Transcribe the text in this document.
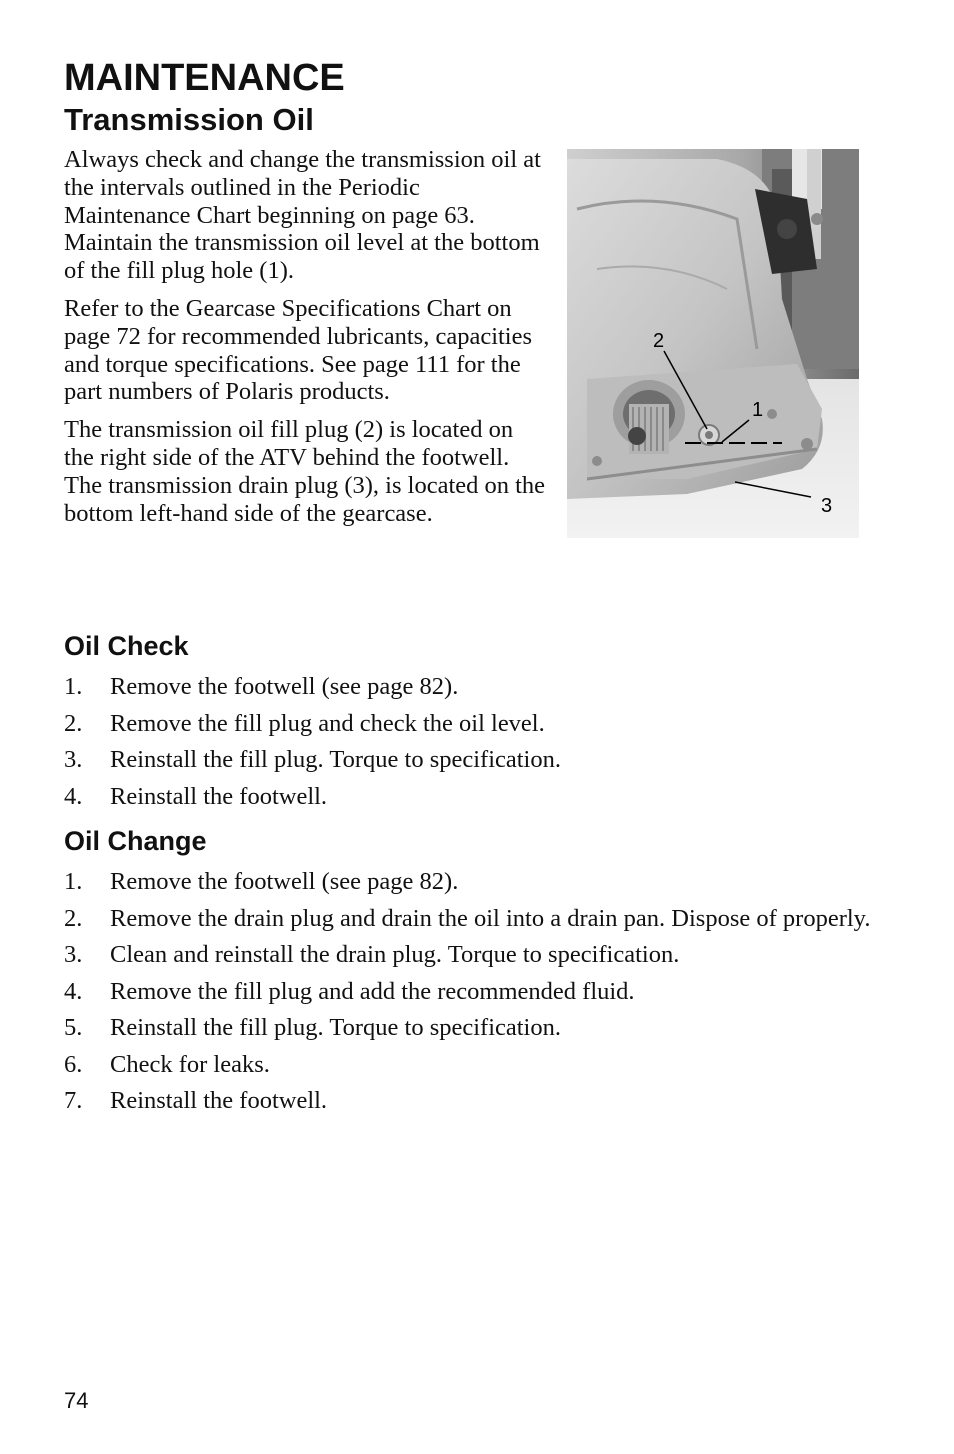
MAINTENANCE
Transmission Oil

Always check and change the transmission oil at the intervals outlined in the Periodic Maintenance Chart beginning on page 63. Maintain the transmission oil level at the bottom of the fill plug hole (1).

Refer to the Gearcase Specifications Chart on page 72 for recommended lubricants, capacities and torque specifications. See page 111 for the part numbers of Polaris products.

The transmission oil fill plug (2) is located on the right side of the ATV behind the footwell. The transmission drain plug (3), is located on the bottom left-hand side of the gearcase.

2
1
3
Oil Check
1. Remove the footwell (see page 82).
2. Remove the fill plug and check the oil level.
3. Reinstall the fill plug. Torque to specification.
4. Reinstall the footwell.
Oil Change
1. Remove the footwell (see page 82).
2. Remove the drain plug and drain the oil into a drain pan. Dispose of properly.
3. Clean and reinstall the drain plug. Torque to specification.
4. Remove the fill plug and add the recommended fluid.
5. Reinstall the fill plug. Torque to specification.
6. Check for leaks.
7. Reinstall the footwell.
74
